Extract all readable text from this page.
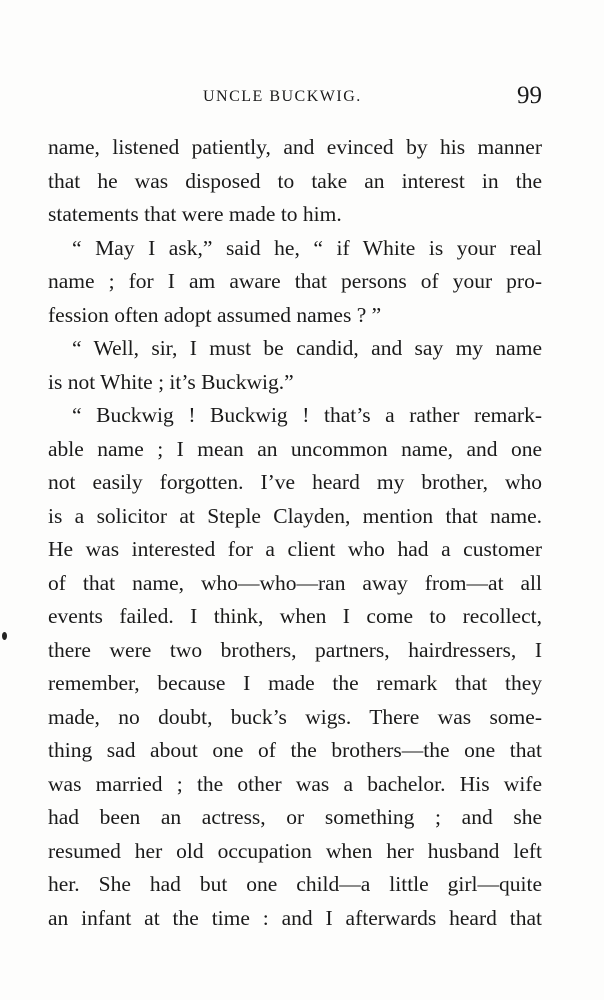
UNCLE BUCKWIG.	99
name, listened patiently, and evinced by his manner
that he was disposed to take an interest in the
statements that were made to him.
“ May I ask,” said he, “ if White is your real
name ; for I am aware that persons of your pro-
fession often adopt assumed names ? ”
“ Well, sir, I must be candid, and say my name
is not White ; it’s Buckwig.”
“ Buckwig ! Buckwig ! that’s a rather remark-
able name ; I mean an uncommon name, and one
not easily forgotten. I’ve heard my brother, who
is a solicitor at Steple Clayden, mention that name.
He was interested for a client who had a customer
of that name, who—who—ran away from—at all
events failed. I think, when I come to recollect,
there were two brothers, partners, hairdressers, I
remember, because I made the remark that they
made, no doubt, buck’s wigs. There was some-
thing sad about one of the brothers—the one that
was married ; the other was a bachelor. His wife
had been an actress, or something ; and she
resumed her old occupation when her husband left
her. She had but one child—a little girl—quite
an infant at the time : and I afterwards heard that
